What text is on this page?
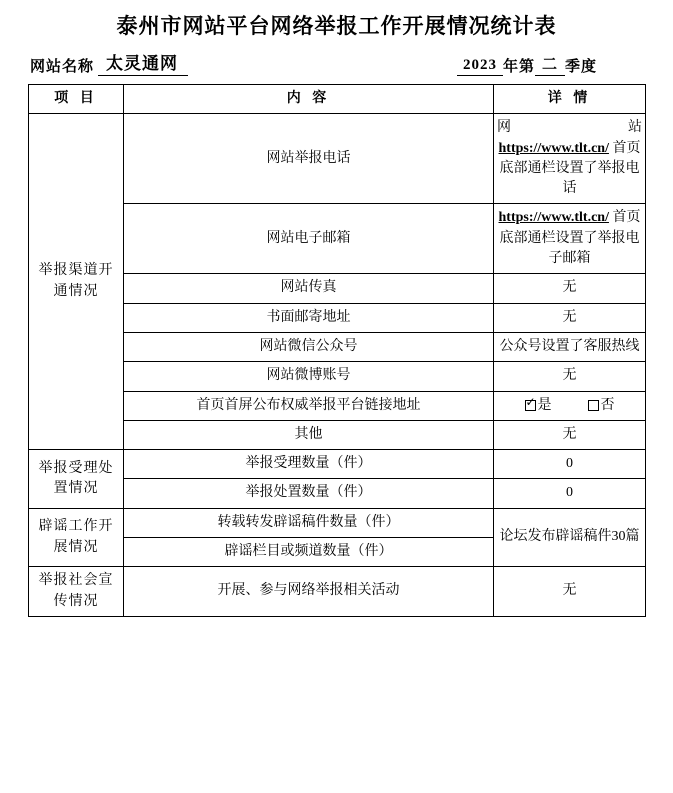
泰州市网站平台网络举报工作开展情况统计表
网站名称 太灵通网	2023 年第 二 季度
项 目	内 容	详 情
举报渠道开通情况	网站举报电话	网 站
https://www.tlt.cn/ 首页底部通栏设置了举报电话
	网站电子邮箱	https://www.tlt.cn/ 首页底部通栏设置了举报电子邮箱
	网站传真	无
	书面邮寄地址	无
	网站微信公众号	公众号设置了客服热线
	网站微博账号	无
	首页首屏公布权威举报平台链接地址	
✓是 否

	其他	无
举报受理处置情况	举报受理数量（件）	0
	举报处置数量（件）	0
辟谣工作开展情况	转载转发辟谣稿件数量（件）	论坛发布辟谣稿件30篇
	辟谣栏目或频道数量（件）	
举报社会宣传情况	开展、参与网络举报相关活动	无
